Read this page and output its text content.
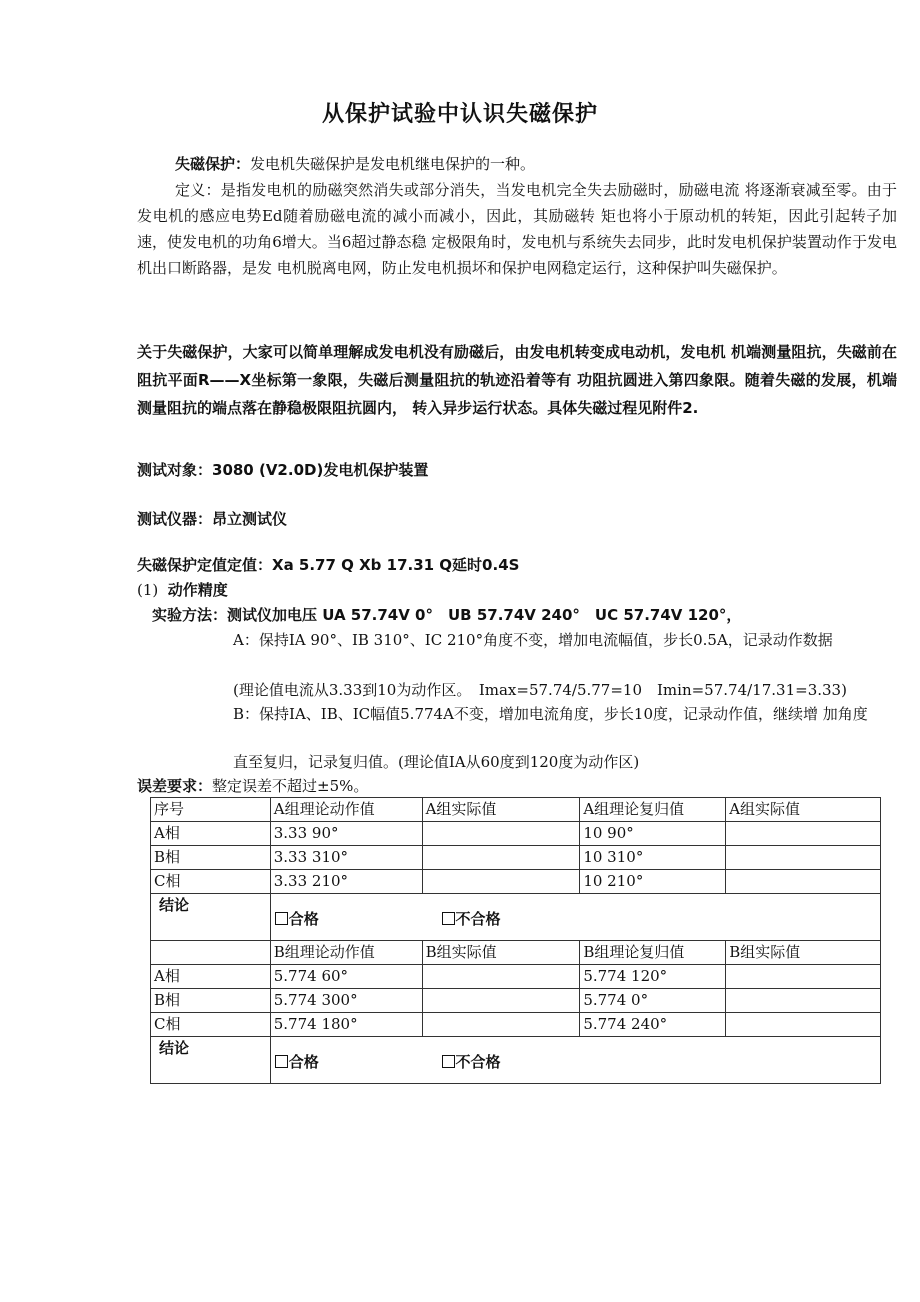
从保护试验中认识失磁保护
失磁保护：发电机失磁保护是发电机继电保护的一种。
定义：是指发电机的励磁突然消失或部分消失，当发电机完全失去励磁时，励磁电流 将逐渐衰减至零。由于发电机的感应电势Ed随着励磁电流的减小而减小，因此，其励磁转 矩也将小于原动机的转矩，因此引起转子加速，使发电机的功角6增大。当6超过静态稳 定极限角时，发电机与系统失去同步，此时发电机保护装置动作于发电机出口断路器，是发 电机脱离电网，防止发电机损坏和保护电网稳定运行，这种保护叫失磁保护。
关于失磁保护，大家可以简单理解成发电机没有励磁后，由发电机转变成电动机，发电机 机端测量阻抗，失磁前在阻抗平面R——X坐标第一象限，失磁后测量阻抗的轨迹沿着等有 功阻抗圆进入第四象限。随着失磁的发展，机端测量阻抗的端点落在静稳极限阻抗圆内， 转入异步运行状态。具体失磁过程见附件2.
测试对象：3080 (V2.0D)发电机保护装置
测试仪器：昂立测试仪
失磁保护定值定值：Xa 5.77 Q Xb 17.31 Q延时0.4S
(1) 动作精度
实验方法：测试仪加电压 UA 57.74V 0°　UB 57.74V 240°　UC 57.74V 120°，
A：保持IA 90°、IB 310°、IC 210°角度不变，增加电流幅值，步长0.5A，记录动作数据
(理论值电流从3.33到10为动作区。　Imax=57.74/5.77=10　Imin=57.74/17.31=3.33)
B：保持IA、IB、IC幅值5.774A不变，增加电流角度，步长10度，记录动作值，继续增 加角度
直至复归，记录复归值。(理论值IA从60度到120度为动作区)
误差要求：整定误差不超过±5%。
序号	A组理论动作值	A组实际值	A组理论复归值	A组实际值
A相	3.33 90°		10 90°	
B相	3.33 310°		10 310°	
C相	3.33 210°		10 210°	
结论	合格 不合格			
	B组理论动作值	B组实际值	B组理论复归值	B组实际值
A相	5.774 60°		5.774 120°	
B相	5.774 300°		5.774 0°	
C相	5.774 180°		5.774 240°	
结论	合格 不合格			
